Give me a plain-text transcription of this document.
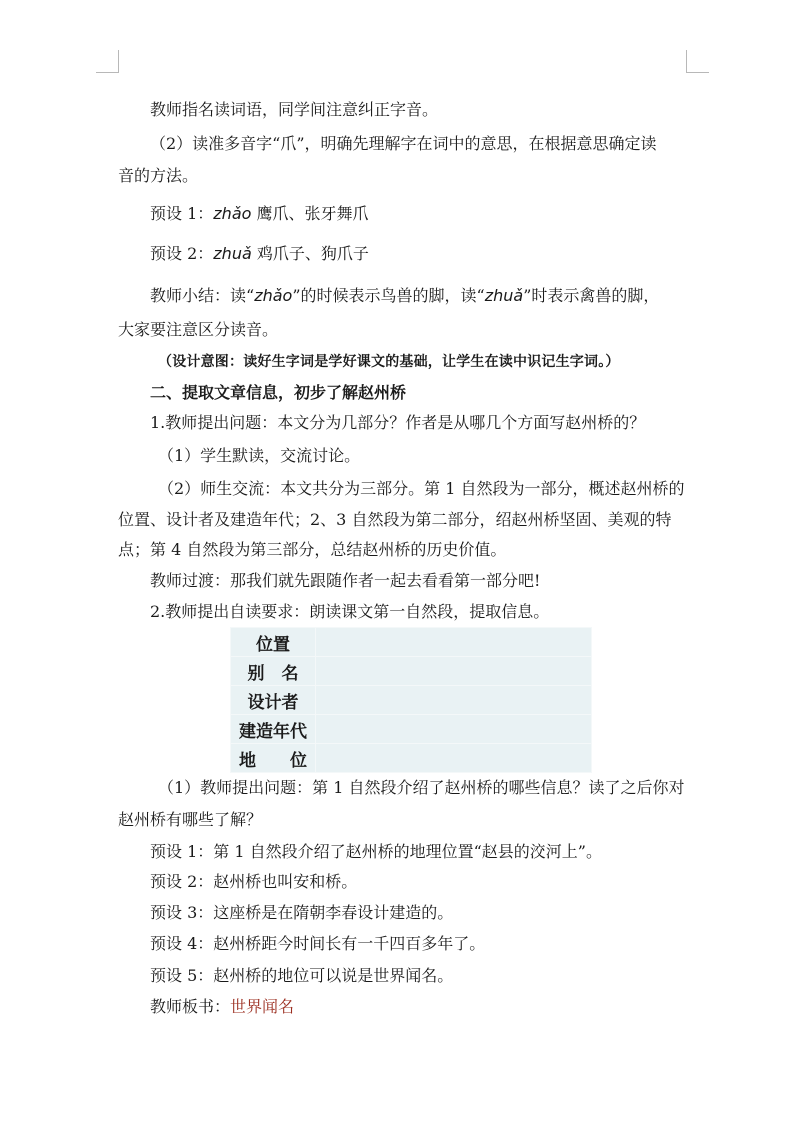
教师指名读词语，同学间注意纠正字音。
（2）读准多音字“爪”，明确先理解字在词中的意思，在根据意思确定读
音的方法。
预设 1：zhǎo 鹰爪、张牙舞爪
预设 2：zhuǎ 鸡爪子、狗爪子
教师小结：读“zhǎo”的时候表示鸟兽的脚，读“zhuǎ”时表示禽兽的脚，
大家要注意区分读音。
（设计意图：读好生字词是学好课文的基础，让学生在读中识记生字词。）
二、提取文章信息，初步了解赵州桥
1.教师提出问题：本文分为几部分？作者是从哪几个方面写赵州桥的？
（1）学生默读，交流讨论。
（2）师生交流：本文共分为三部分。第 1 自然段为一部分，概述赵州桥的
位置、设计者及建造年代；2、3 自然段为第二部分，绍赵州桥坚固、美观的特
点；第 4 自然段为第三部分，总结赵州桥的历史价值。
教师过渡：那我们就先跟随作者一起去看看第一部分吧!
2.教师提出自读要求：朗读课文第一自然段，提取信息。
位置	
别　名	
设计者	
建造年代	
地　　位	
（1）教师提出问题：第 1 自然段介绍了赵州桥的哪些信息？读了之后你对
赵州桥有哪些了解？
预设 1：第 1 自然段介绍了赵州桥的地理位置“赵县的洨河上”。
预设 2：赵州桥也叫安和桥。
预设 3：这座桥是在隋朝李春设计建造的。
预设 4：赵州桥距今时间长有一千四百多年了。
预设 5：赵州桥的地位可以说是世界闻名。
教师板书：世界闻名
